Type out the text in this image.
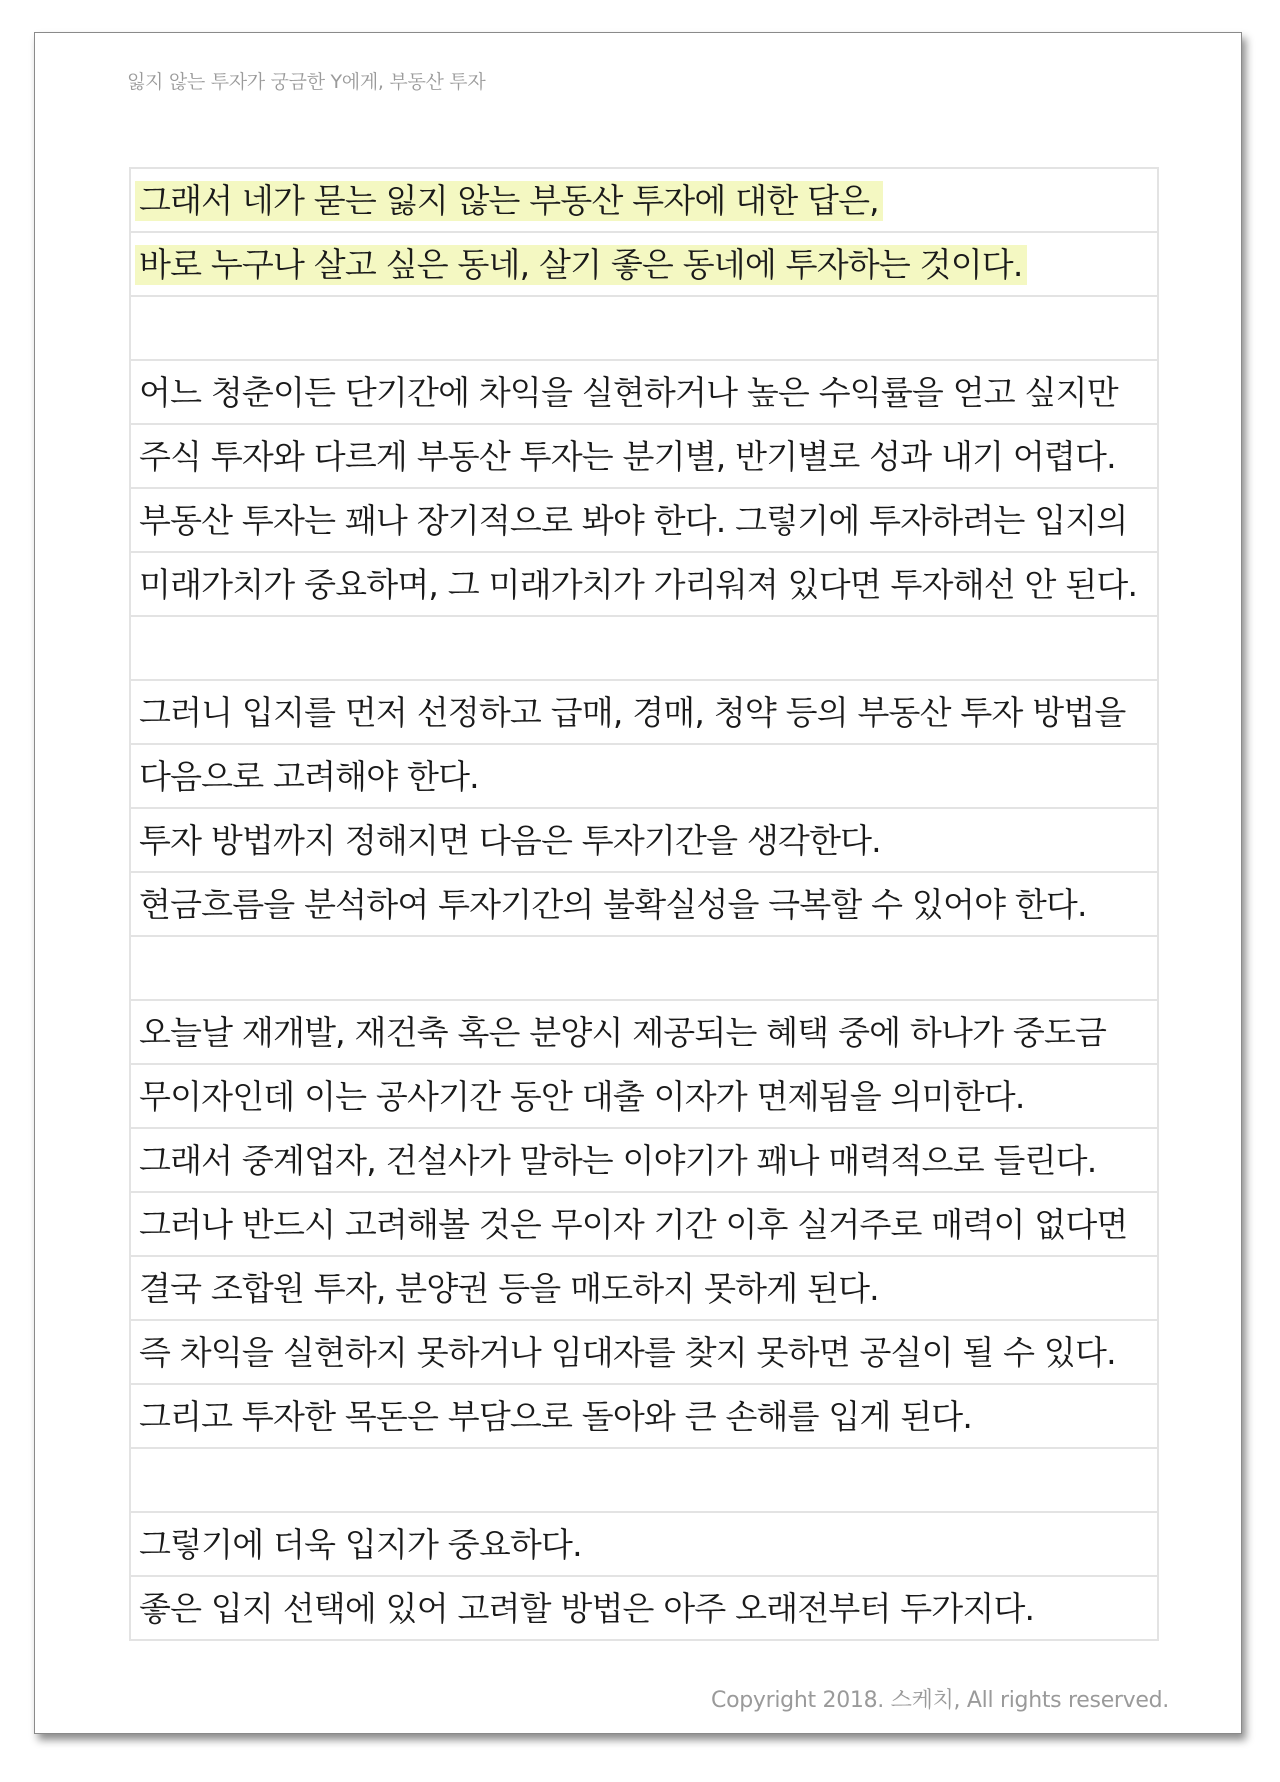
잃지 않는 투자가 궁금한 Y에게, 부동산 투자
그래서 네가 묻는 잃지 않는 부동산 투자에 대한 답은,
바로 누구나 살고 싶은 동네, 살기 좋은 동네에 투자하는 것이다.
어느 청춘이든 단기간에 차익을 실현하거나 높은 수익률을 얻고 싶지만
주식 투자와 다르게 부동산 투자는 분기별, 반기별로 성과 내기 어렵다.
부동산 투자는 꽤나 장기적으로 봐야 한다. 그렇기에 투자하려는 입지의
미래가치가 중요하며, 그 미래가치가 가리워져 있다면 투자해선 안 된다.
그러니 입지를 먼저 선정하고 급매, 경매, 청약 등의 부동산 투자 방법을
다음으로 고려해야 한다.
투자 방법까지 정해지면 다음은 투자기간을 생각한다.
현금흐름을 분석하여 투자기간의 불확실성을 극복할 수 있어야 한다.
오늘날 재개발, 재건축 혹은 분양시 제공되는 혜택 중에 하나가 중도금
무이자인데 이는 공사기간 동안 대출 이자가 면제됨을 의미한다.
그래서 중계업자, 건설사가 말하는 이야기가 꽤나 매력적으로 들린다.
그러나 반드시 고려해볼 것은 무이자 기간 이후 실거주로 매력이 없다면
결국 조합원 투자, 분양권 등을 매도하지 못하게 된다.
즉 차익을 실현하지 못하거나 임대자를 찾지 못하면 공실이 될 수 있다.
그리고 투자한 목돈은 부담으로 돌아와 큰 손해를 입게 된다.
그렇기에 더욱 입지가 중요하다.
좋은 입지 선택에 있어 고려할 방법은 아주 오래전부터 두가지다.
Copyright 2018. 스케치, All rights reserved.
